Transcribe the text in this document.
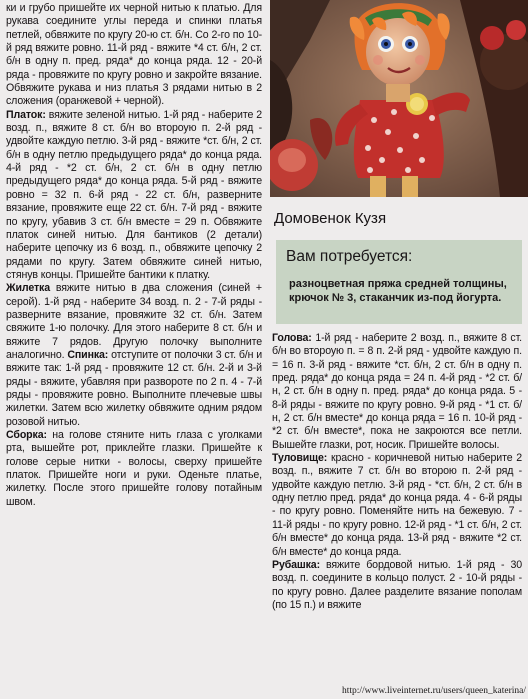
ки и грубо пришейте их черной нитью к платью. Для рукава соедините углы переда и спинки платья петлей, обвяжите по кругу 20-ю ст. б/н. Со 2-го по 10-й ряд вяжите ровно. 11-й ряд - вяжите *4 ст. б/н, 2 ст. б/н в одну п. пред. ряда* до конца ряда. 12 - 20-й ряда - провяжите по кругу ровно и закройте вязание. Обвяжите рукава и низ платья 3 рядами нитью в 2 сложения (оранжевой + черной).

Платок: вяжите зеленой нитью. 1-й ряд - наберите 2 возд. п., вяжите 8 ст. б/н во второую п. 2-й ряд - удвойте каждую петлю. 3-й ряд - вяжите *ст. б/н, 2 ст. б/н в одну петлю предыдущего ряда* до конца ряда. 4-й ряд - *2 ст. б/н, 2 ст. б/н в одну петлю предыдущего ряда* до конца ряда. 5-й ряд - вяжите ровно = 32 п. 6-й ряд - 22 ст. б/н, разверните вязание, провяжите еще 22 ст. б/н. 7-й ряд - вяжите по кругу, убавив 3 ст. б/н вместе = 29 п. Обвяжите платок синей нитью. Для бантиков (2 детали) наберите цепочку из 6 возд. п., обвяжите цепочку 2 рядами по кругу. Затем обвяжите синей нитью, стянув концы. Пришейте бантики к платку.

Жилетка вяжите нитью в два сложения (синей + серой). 1-й ряд - наберите 34 возд. п. 2 - 7-й ряды - разверните вязание, провяжите 32 ст. б/н. Затем свяжите 1-ю полочку. Для этого наберите 8 ст. б/н и вяжите 7 рядов. Другую полочку выполните аналогично. Спинка: отступите от полочки 3 ст. б/н и вяжите так: 1-й ряд - провяжите 12 ст. б/н. 2-й и 3-й ряды - вяжите, убавляя при развороте по 2 п. 4 - 7-й ряды - провяжите ровно. Выполните плечевые швы жилетки. Затем всю жилетку обвяжите одним рядом розовой нитью.

Сборка: на голове стяните нить глаза с уголками рта, вышейте рот, приклейте глазки. Пришейте к голове серые нитки - волосы, сверху пришейте платок. Пришейте ноги и руки. Оденьте платье, жилетку. После этого пришейте голову потайным швом.

Домовенок Кузя
Вам потребуется:
разноцветная пряжа средней толщины, крючок № 3, стаканчик из-под йогурта.

Голова: 1-й ряд - наберите 2 возд. п., вяжите 8 ст. б/н во второую п. = 8 п. 2-й ряд - удвойте каждую п. = 16 п. 3-й ряд - вяжите *ст. б/н, 2 ст. б/н в одну п. пред. ряда* до конца ряда = 24 п. 4-й ряд - *2 ст. б/н, 2 ст. б/н в одну п. пред. ряда* до конца ряда. 5 - 8-й ряды - вяжите по кругу ровно. 9-й ряд - *1 ст. б/н, 2 ст. б/н вместе* до конца ряда = 16 п. 10-й ряд - *2 ст. б/н вместе*, пока не закроются все петли. Вышейте глазки, рот, носик. Пришейте волосы.

Туловище: красно - коричневой нитью наберите 2 возд. п., вяжите 7 ст. б/н во второю п. 2-й ряд - удвойте каждую петлю. 3-й ряд - *ст. б/н, 2 ст. б/н в одну петлю пред. ряда* до конца ряда. 4 - 6-й ряды - по кругу ровно. Поменяйте нить на бежевую. 7 - 11-й ряды - по кругу ровно. 12-й ряд - *1 ст. б/н, 2 ст. б/н вместе* до конца ряда. 13-й ряд - вяжите *2 ст. б/н вместе* до конца ряда.

Рубашка: вяжите бордовой нитью. 1-й ряд - 30 возд. п. соедините в кольцо полуст. 2 - 10-й ряды - по кругу ровно. Далее разделите вязание пополам (по 15 п.) и вяжите

http://www.liveinternet.ru/users/queen_katerina/
